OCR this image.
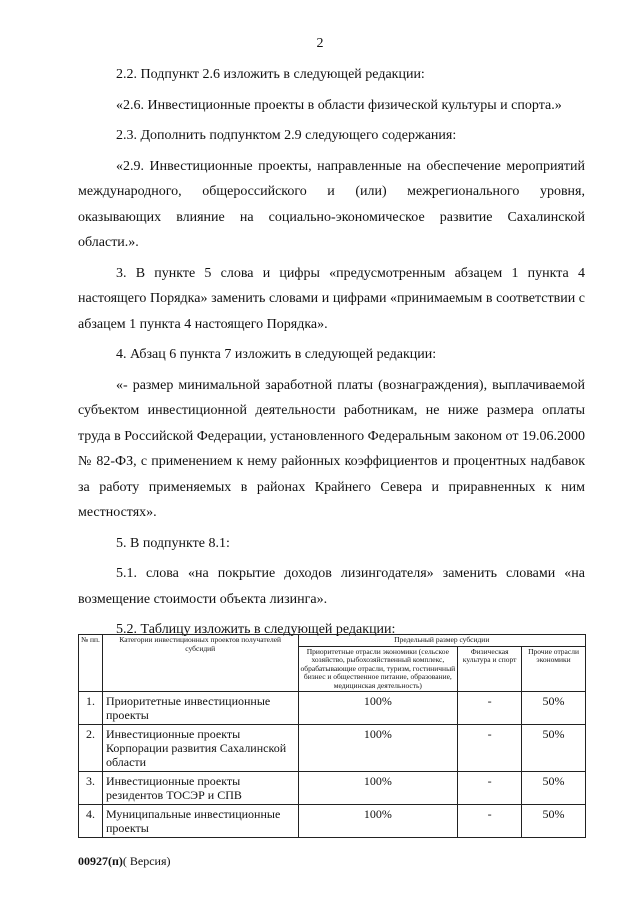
2

2.2. Подпункт 2.6 изложить в следующей редакции:

«2.6. Инвестиционные проекты в области физической культуры и спорта.»

2.3. Дополнить подпунктом 2.9 следующего содержания:

«2.9. Инвестиционные проекты, направленные на обеспечение мероприятий международного, общероссийского и (или) межрегионального уровня, оказывающих влияние на социально-экономическое развитие Сахалинской области.».

3. В пункте 5 слова и цифры «предусмотренным абзацем 1 пункта 4 настоящего Порядка» заменить словами и цифрами «принимаемым в соответствии с абзацем 1 пункта 4 настоящего Порядка».

4. Абзац 6 пункта 7 изложить в следующей редакции:

«- размер минимальной заработной платы (вознаграждения), выплачиваемой субъектом инвестиционной деятельности работникам, не ниже размера оплаты труда в Российской Федерации, установленного Федеральным законом от 19.06.2000 № 82-ФЗ, с применением к нему районных коэффициентов и процентных надбавок за работу применяемых в районах Крайнего Севера и приравненных к ним местностях».

5. В подпункте 8.1:

5.1. слова «на покрытие доходов лизингодателя» заменить словами «на возмещение стоимости объекта лизинга».

5.2. Таблицу изложить в следующей редакции:

№ пп.	Категории инвестиционных проектов получателей субсидий	Предельный размер субсидии		
		Приоритетные отрасли экономики (сельское хозяйство, рыбохозяйственный комплекс, обрабатывающие отрасли, туризм, гостиничный бизнес и общественное питание, образование, медицинская деятельность)	Физическая культура и спорт	Прочие отрасли экономики
1.	Приоритетные инвестиционные проекты	100%	-	50%
2.	Инвестиционные проекты Корпорации развития Сахалинской области	100%	-	50%
3.	Инвестиционные проекты резидентов ТОСЭР и СПВ	100%	-	50%
4.	Муниципальные инвестиционные проекты	100%	-	50%
00927(п)( Версия)
